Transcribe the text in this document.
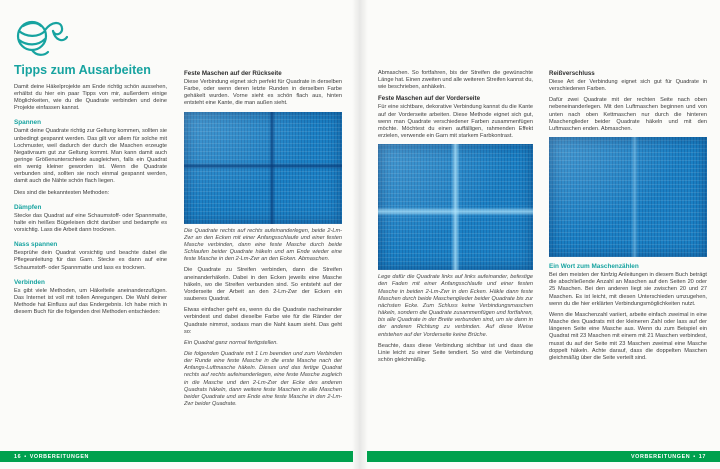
Tipps zum Ausarbeiten

Damit deine Häkelprojekte am Ende richtig schön aussehen, erhältst du hier ein paar Tipps von mir, außerdem einige Möglichkeiten, wie du die Quadrate verbinden und deine Projekte einfassen kannst.

Spannen

Damit deine Quadrate richtig zur Geltung kommen, sollten sie unbedingt gespannt werden. Das gilt vor allem für solche mit Lochmuster, weil dadurch der durch die Maschen erzeugte Negativraum gut zur Geltung kommt. Man kann damit auch geringe Größenunterschiede ausgleichen, falls ein Quadrat ein wenig kleiner geworden ist. Wenn die Quadrate verbunden sind, sollten sie noch einmal gespannt werden, damit auch die Nähte schön flach liegen.

Dies sind die bekanntesten Methoden:

Dämpfen

Stecke das Quadrat auf eine Schaumstoff- oder Spannmatte, halte ein heißes Bügeleisen dicht darüber und bedampfe es vorsichtig. Lass die Arbeit dann trocknen.

Nass spannen

Besprühe dein Quadrat vorsichtig und beachte dabei die Pflegeanleitung für das Garn. Stecke es dann auf eine Schaumstoff- oder Spannmatte und lass es trocknen.

Verbinden

Es gibt viele Methoden, um Häkelteile aneinanderzufügen. Das Internet ist voll mit tollen Anregungen. Die Wahl deiner Methode hat Einfluss auf das Endergebnis. Ich habe mich in diesem Buch für die folgenden drei Methoden entschieden:

Feste Maschen auf der Rückseite

Diese Verbindung eignet sich perfekt für Quadrate in derselben Farbe, oder wenn deren letzte Runden in derselben Farbe gehäkelt wurden. Vorne sieht es schön flach aus, hinten entsteht eine Kante, die man außen sieht.

Die Quadrate rechts auf rechts aufeinanderlegen, beide 2-Lm-Zwr an den Ecken mit einer Anfangsschlaufe und einer festen Masche verbinden, dann eine feste Masche durch beide Schlaufen beider Quadrate häkeln und am Ende wieder eine feste Masche in den 2-Lm-Zwr an den Ecken. Abmaschen.

Die Quadrate zu Streifen verbinden, dann die Streifen aneinanderhäkeln. Dabei in den Ecken jeweils eine Masche häkeln, wo die Streifen verbunden sind. So entsteht auf der Vorderseite der Arbeit an den 2-Lm-Zwr der Ecken ein sauberes Quadrat.

Etwas einfacher geht es, wenn du die Quadrate nacheinander verbindest und dabei dieselbe Farbe wie für die Ränder der Quadrate nimmst, sodass man die Naht kaum sieht. Das geht so:

Ein Quadrat ganz normal fertigstellen.

Die folgenden Quadrate mit 1 Lm beenden und zum Verbinden der Runde eine feste Masche in die erste Masche nach der Anfangs-Luftmasche häkeln. Dieses und das fertige Quadrat rechts auf rechts aufeinanderlegen, eine feste Masche zugleich in die Masche und den 2-Lm-Zwr der Ecke des anderen Quadrats häkeln, dann weitere feste Maschen in alle Maschen beider Quadrate und am Ende eine feste Masche in den 2-Lm-Zwr beider Quadrate.

Abmaschen. So fortfahren, bis der Streifen die gewünschte Länge hat. Einen zweiten und alle weiteren Streifen kannst du, wie beschrieben, anhäkeln.

Feste Maschen auf der Vorderseite

Für eine sichtbare, dekorative Verbindung kannst du die Kante auf der Vorderseite arbeiten. Diese Methode eignet sich gut, wenn man Quadrate verschiedener Farben zusammenfügen möchte. Möchtest du einen auffälligen, rahmenden Effekt erzielen, verwende ein Garn mit starkem Farbkontrast.

Lege dafür die Quadrate links auf links aufeinander, befestige den Faden mit einer Anfangsschlaufe und einer festen Masche in beiden 2-Lm-Zwr in den Ecken. Häkle dann feste Maschen durch beide Maschenglieder beider Quadrate bis zur nächsten Ecke. Zum Schluss keine Verbindungsmaschen häkeln, sondern die Quadrate zusammenfügen und fortfahren, bis alle Quadrate in der Breite verbunden sind, um sie dann in der anderen Richtung zu verbinden. Auf diese Weise entstehen auf der Vorderseite keine Brüche.

Beachte, dass diese Verbindung sichtbar ist und dass die Linie leicht zu einer Seite tendiert. So wird die Verbindung schön gleichmäßig.

Reißverschluss

Diese Art der Verbindung eignet sich gut für Quadrate in verschiedenen Farben.

Dafür zwei Quadrate mit der rechten Seite nach oben nebeneinanderlegen. Mit den Luftmaschen beginnen und von unten nach oben Kettmaschen nur durch die hinteren Maschenglieder beider Quadrate häkeln und mit den Luftmaschen enden. Abmaschen.

Ein Wort zum Maschenzählen

Bei den meisten der fünfzig Anleitungen in diesem Buch beträgt die abschließende Anzahl an Maschen auf den Seiten 20 oder 25 Maschen. Bei den anderen liegt sie zwischen 20 und 27 Maschen. Es ist leicht, mit diesen Unterschieden umzugehen, wenn du die hier erklärten Verbindungsmöglichkeiten nutzt.

Wenn die Maschenzahl variiert, arbeite einfach zweimal in eine Masche des Quadrats mit der kleineren Zahl oder lass auf der längeren Seite eine Masche aus. Wenn du zum Beispiel ein Quadrat mit 23 Maschen mit einem mit 21 Maschen verbindest, musst du auf der Seite mit 23 Maschen zweimal eine Masche doppelt häkeln. Achte darauf, dass die doppelten Maschen gleichmäßig über die Seite verteilt sind.

16 • VORBEREITUNGEN	VORBEREITUNGEN • 17
